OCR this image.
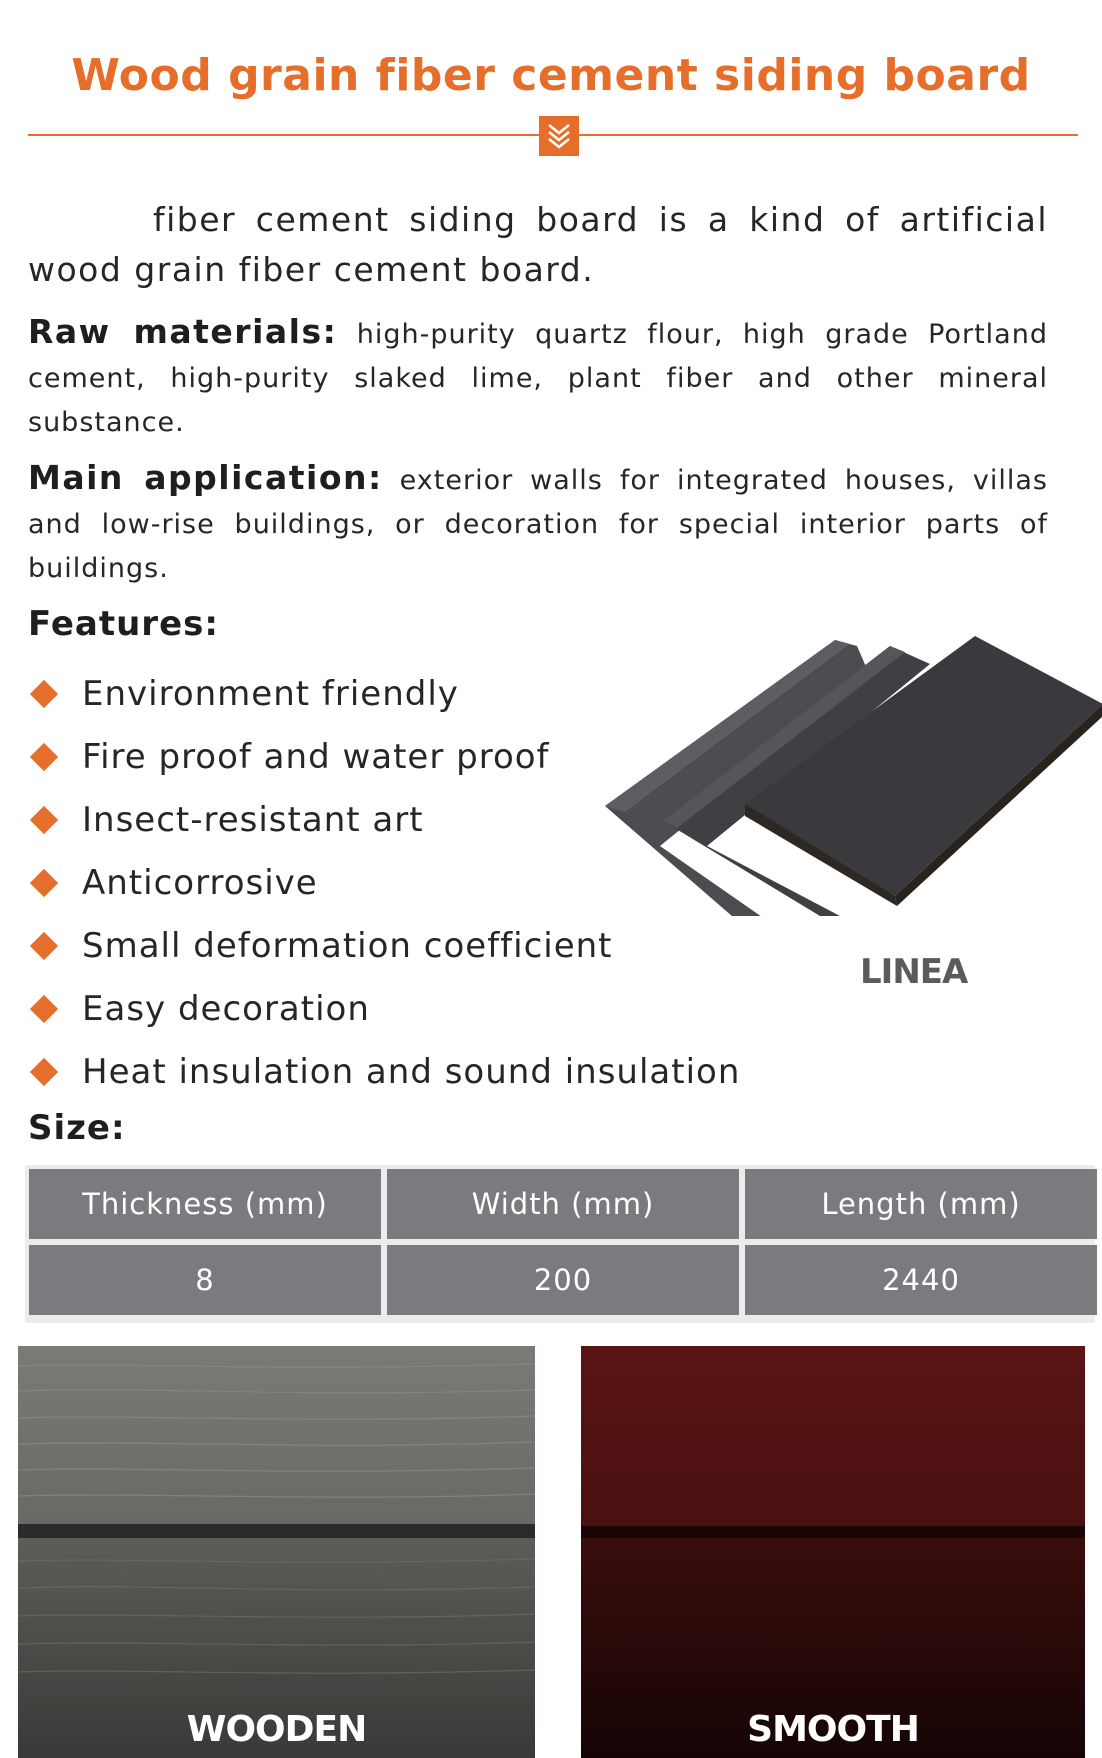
Wood grain fiber cement siding board
fiber cement siding board is a kind of artificial wood grain fiber cement board.
Raw materials: high-purity quartz flour, high grade Portland cement, high-purity slaked lime, plant fiber and other mineral substance.
Main application: exterior walls for integrated houses, villas and low-rise buildings, or decoration for special interior parts of buildings.
Features:
Environment friendly
Fire proof and water proof
Insect-resistant art
Anticorrosive
Small deformation coefficient
Easy decoration
Heat insulation and sound insulation
LINEA
Size:
Thickness (mm)	Width (mm)	Length (mm)
8	200	2440
WOODEN	SMOOTH
